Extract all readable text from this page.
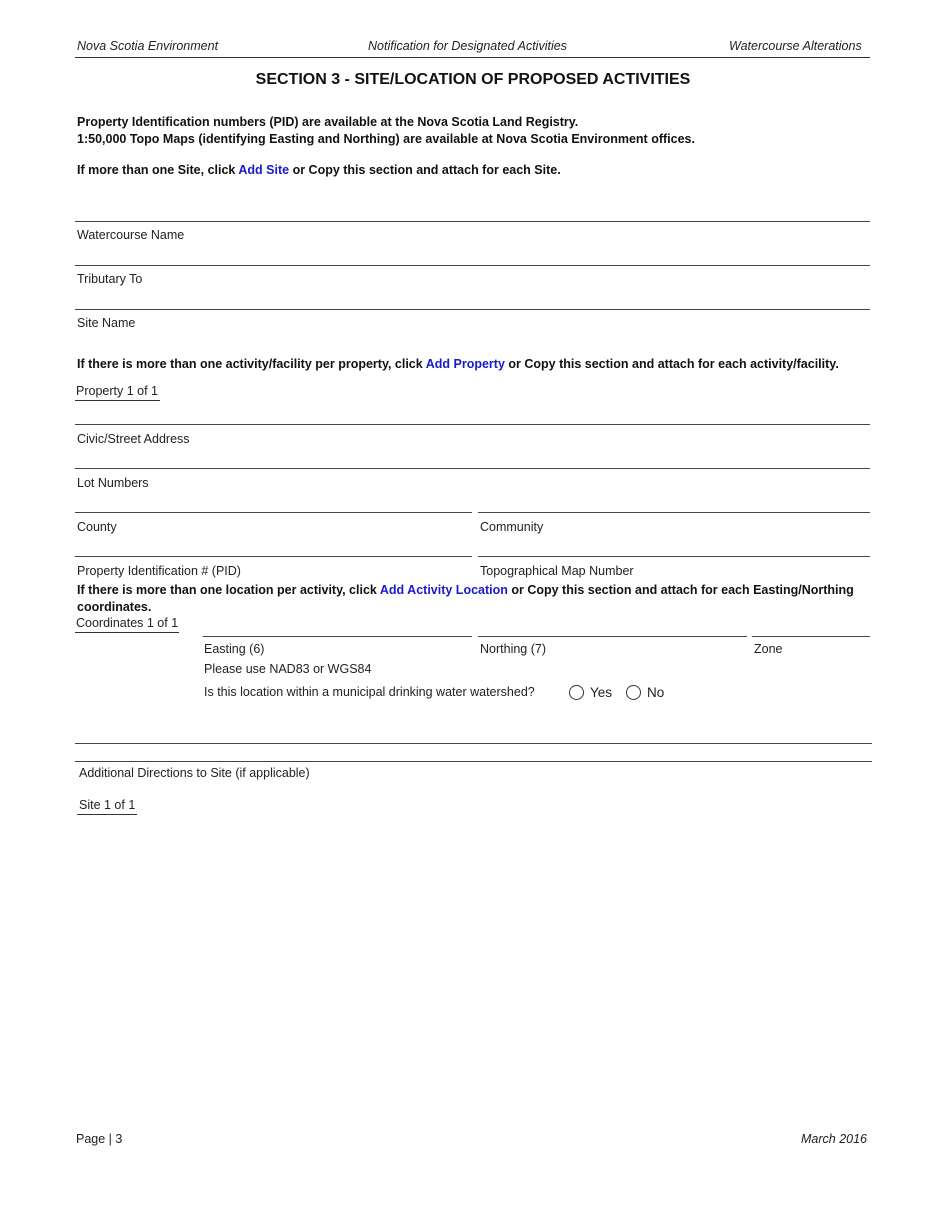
Nova Scotia Environment	Notification for Designated Activities	Watercourse Alterations
SECTION 3 - SITE/LOCATION OF PROPOSED ACTIVITIES
Property Identification numbers (PID) are available at the Nova Scotia Land Registry.
1:50,000 Topo Maps (identifying Easting and Northing) are available at Nova Scotia Environment offices.
If more than one Site, click Add Site or Copy this section and attach for each Site.
Watercourse Name
Tributary To
Site Name
If there is more than one activity/facility per property, click Add Property or Copy this section and attach for each activity/facility.
Property 1 of 1
Civic/Street Address
Lot Numbers
County	Community
Property Identification # (PID)	Topographical Map Number
If there is more than one location per activity, click Add Activity Location or Copy this section and attach for each Easting/Northing
coordinates.
Coordinates 1 of 1
Easting (6)	Northing (7)	Zone
Please use NAD83 or WGS84
Is this location within a municipal drinking water watershed?	Yes	No
Additional Directions to Site (if applicable)
Site 1 of 1
Page | 3	March 2016
